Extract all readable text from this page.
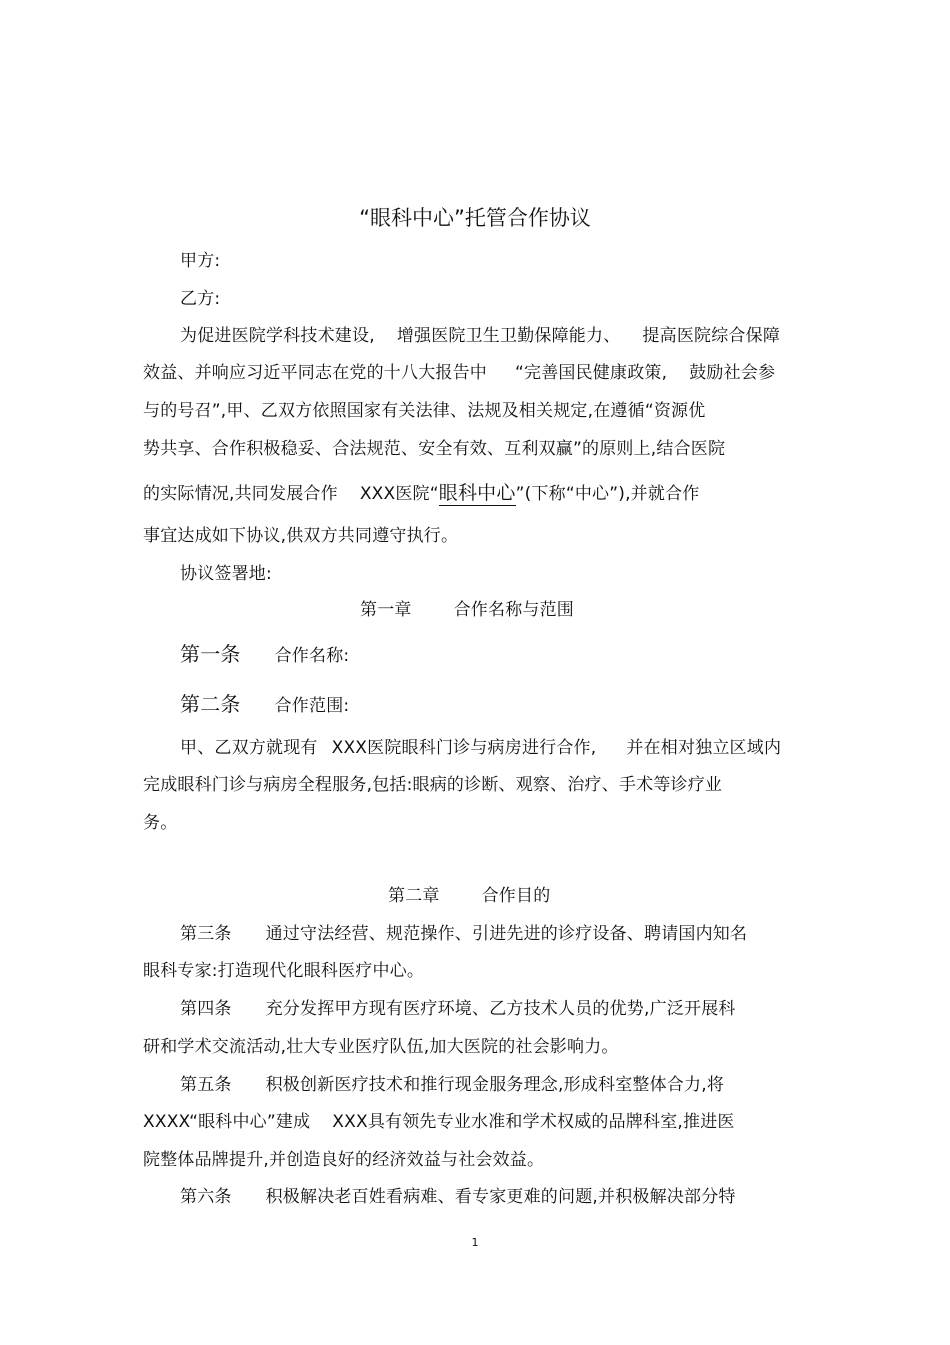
“眼科中心”托管合作协议
甲方:
乙方:
为促进医院学科技术建设, 增强医院卫生卫勤保障能力、 提高医院综合保障
效益、并响应习近平同志在党的十八大报告中 “完善国民健康政策, 鼓励社会参
与的号召”,甲、乙双方依照国家有关法律、法规及相关规定,在遵循“资源优
势共享、合作积极稳妥、合法规范、安全有效、互利双赢”的原则上,结合医院
的实际情况,共同发展合作 XXX医院“眼科中心”(下称“中心”),并就合作
事宜达成如下协议,供双方共同遵守执行。
协议签署地:
第一章 合作名称与范围
第一条 合作名称:
第二条 合作范围:
甲、乙双方就现有 XXX医院眼科门诊与病房进行合作, 并在相对独立区域内
完成眼科门诊与病房全程服务,包括:眼病的诊断、观察、治疗、手术等诊疗业
务。
第二章 合作目的
第三条 通过守法经营、规范操作、引进先进的诊疗设备、聘请国内知名
眼科专家:打造现代化眼科医疗中心。
第四条 充分发挥甲方现有医疗环境、乙方技术人员的优势,广泛开展科
研和学术交流活动,壮大专业医疗队伍,加大医院的社会影响力。
第五条 积极创新医疗技术和推行现金服务理念,形成科室整体合力,将
XXXX“眼科中心”建成 XXX具有领先专业水准和学术权威的品牌科室,推进医
院整体品牌提升,并创造良好的经济效益与社会效益。
第六条 积极解决老百姓看病难、看专家更难的问题,并积极解决部分特
1
